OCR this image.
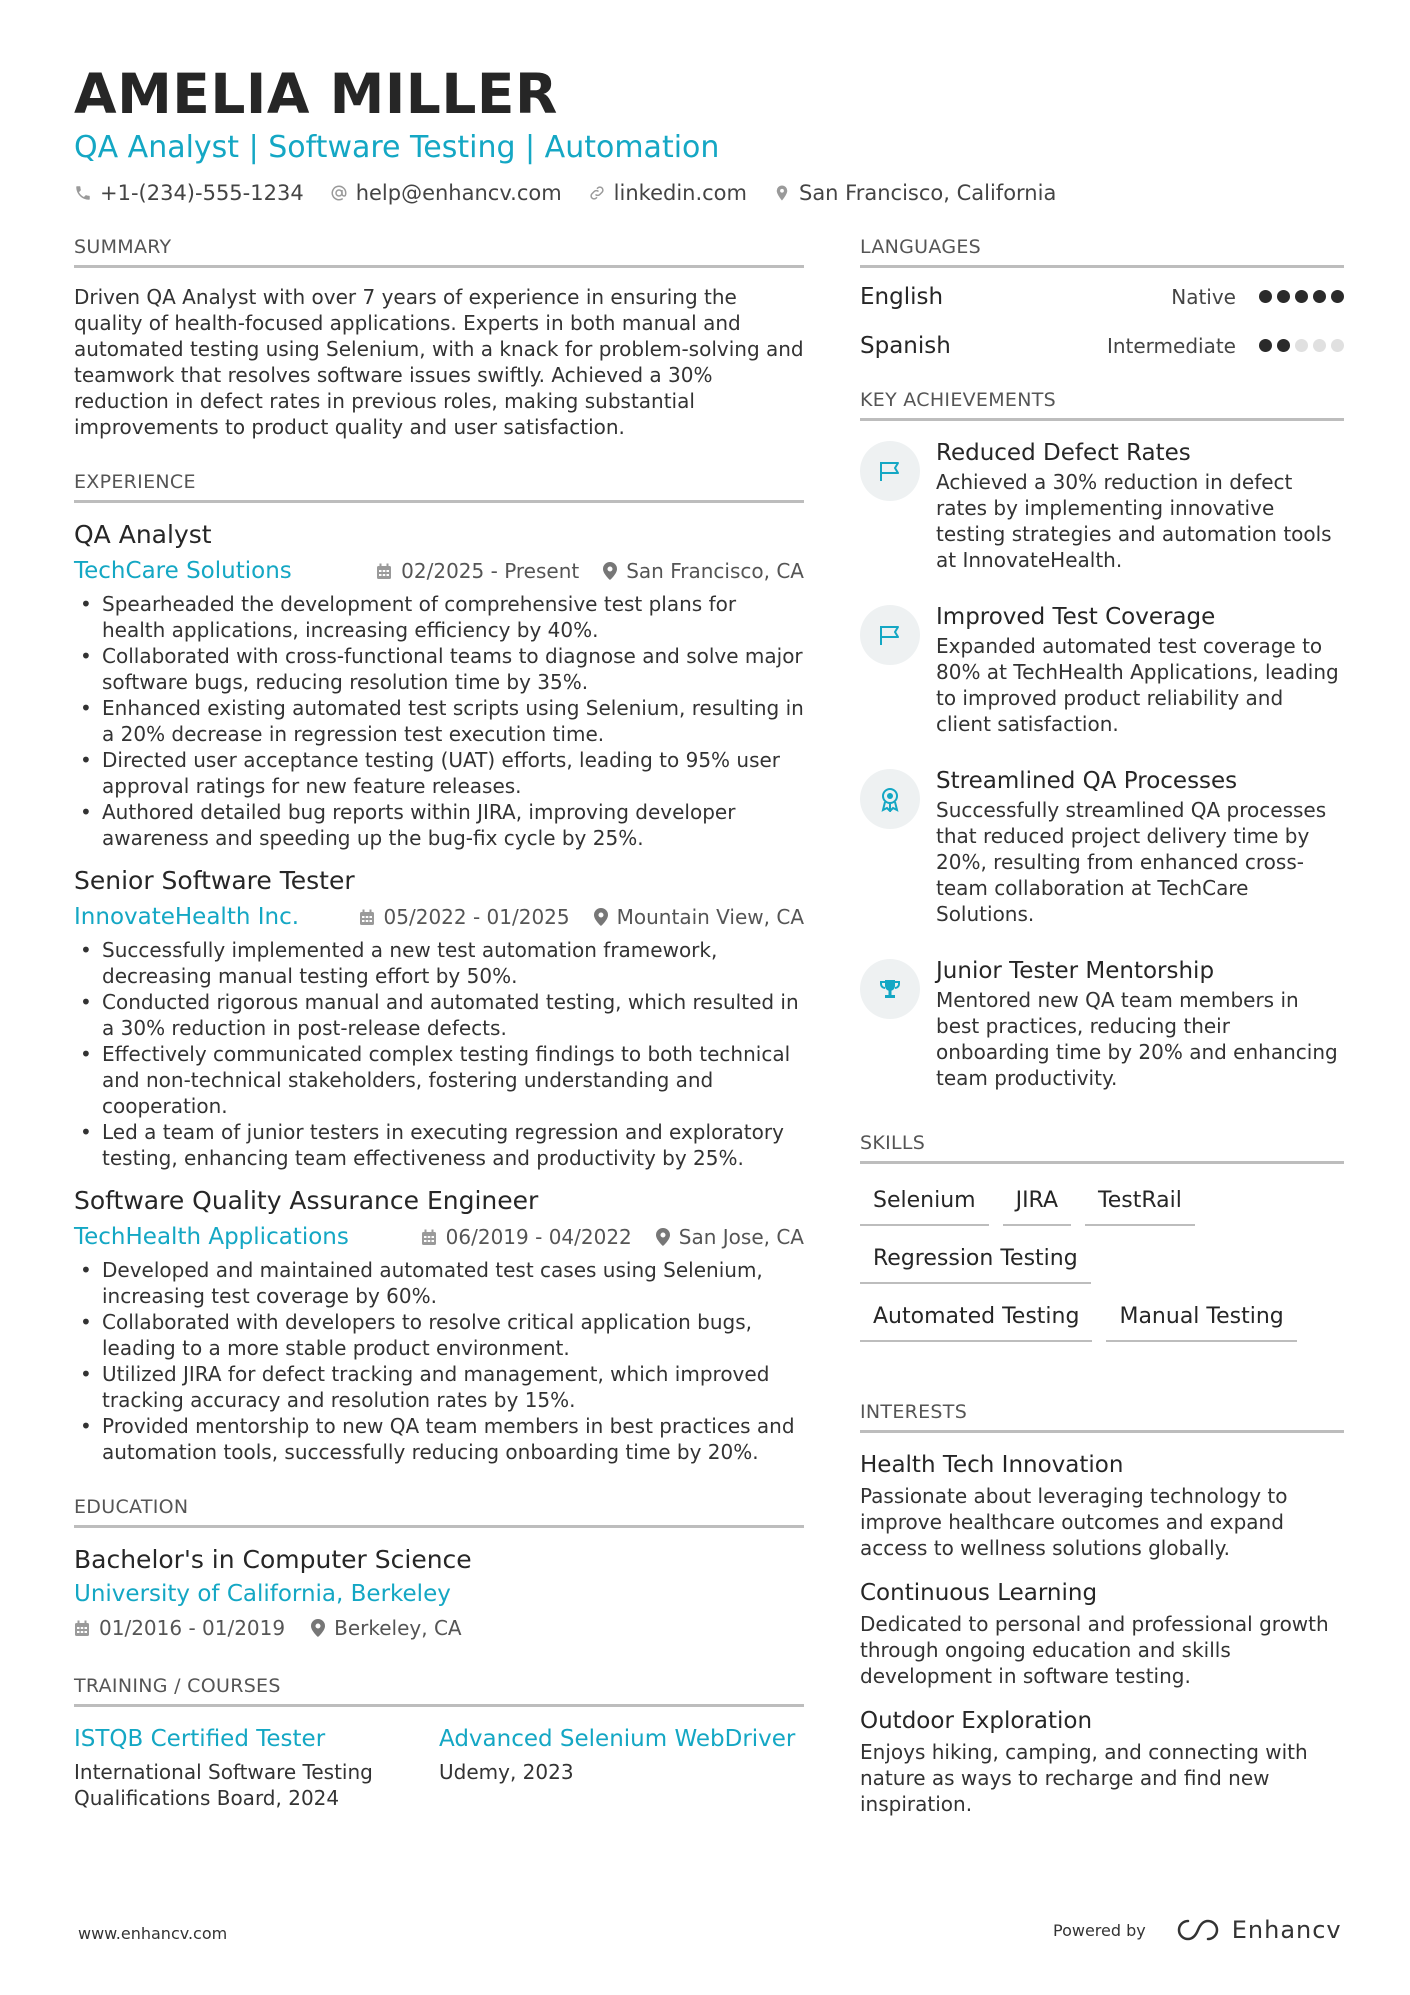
AMELIA MILLER
QA Analyst | Software Testing | Automation
+1-(234)-555-1234 help@enhancv.com linkedin.com San Francisco, California
SUMMARY
Driven QA Analyst with over 7 years of experience in ensuring the quality of health-focused applications. Experts in both manual and automated testing using Selenium, with a knack for problem-solving and teamwork that resolves software issues swiftly. Achieved a 30% reduction in defect rates in previous roles, making substantial improvements to product quality and user satisfaction.
EXPERIENCE
QA Analyst
TechCare Solutions	02/2025 - Present San Francisco, CA
• Spearheaded the development of comprehensive test plans for health applications, increasing efficiency by 40%.
• Collaborated with cross-functional teams to diagnose and solve major software bugs, reducing resolution time by 35%.
• Enhanced existing automated test scripts using Selenium, resulting in a 20% decrease in regression test execution time.
• Directed user acceptance testing (UAT) efforts, leading to 95% user approval ratings for new feature releases.
• Authored detailed bug reports within JIRA, improving developer awareness and speeding up the bug-fix cycle by 25%.
Senior Software Tester
InnovateHealth Inc.	05/2022 - 01/2025 Mountain View, CA
• Successfully implemented a new test automation framework, decreasing manual testing effort by 50%.
• Conducted rigorous manual and automated testing, which resulted in a 30% reduction in post-release defects.
• Effectively communicated complex testing findings to both technical and non-technical stakeholders, fostering understanding and cooperation.
• Led a team of junior testers in executing regression and exploratory testing, enhancing team effectiveness and productivity by 25%.
Software Quality Assurance Engineer
TechHealth Applications	06/2019 - 04/2022 San Jose, CA
• Developed and maintained automated test cases using Selenium, increasing test coverage by 60%.
• Collaborated with developers to resolve critical application bugs, leading to a more stable product environment.
• Utilized JIRA for defect tracking and management, which improved tracking accuracy and resolution rates by 15%.
• Provided mentorship to new QA team members in best practices and automation tools, successfully reducing onboarding time by 20%.
EDUCATION
Bachelor's in Computer Science
University of California, Berkeley
01/2016 - 01/2019 Berkeley, CA
TRAINING / COURSES
ISTQB Certified Tester
International Software Testing Qualifications Board, 2024
Advanced Selenium WebDriver
Udemy, 2023
LANGUAGES
English	Native
Spanish	Intermediate
KEY ACHIEVEMENTS
Reduced Defect Rates
Achieved a 30% reduction in defect rates by implementing innovative testing strategies and automation tools at InnovateHealth.
Improved Test Coverage
Expanded automated test coverage to 80% at TechHealth Applications, leading to improved product reliability and client satisfaction.
Streamlined QA Processes
Successfully streamlined QA processes that reduced project delivery time by 20%, resulting from enhanced cross-team collaboration at TechCare Solutions.
Junior Tester Mentorship
Mentored new QA team members in best practices, reducing their onboarding time by 20% and enhancing team productivity.
SKILLS
Selenium	JIRA	TestRail
Regression Testing
Automated Testing	Manual Testing
INTERESTS
Health Tech Innovation
Passionate about leveraging technology to improve healthcare outcomes and expand access to wellness solutions globally.
Continuous Learning
Dedicated to personal and professional growth through ongoing education and skills development in software testing.
Outdoor Exploration
Enjoys hiking, camping, and connecting with nature as ways to recharge and find new inspiration.
www.enhancv.com	Powered by	Enhancv
